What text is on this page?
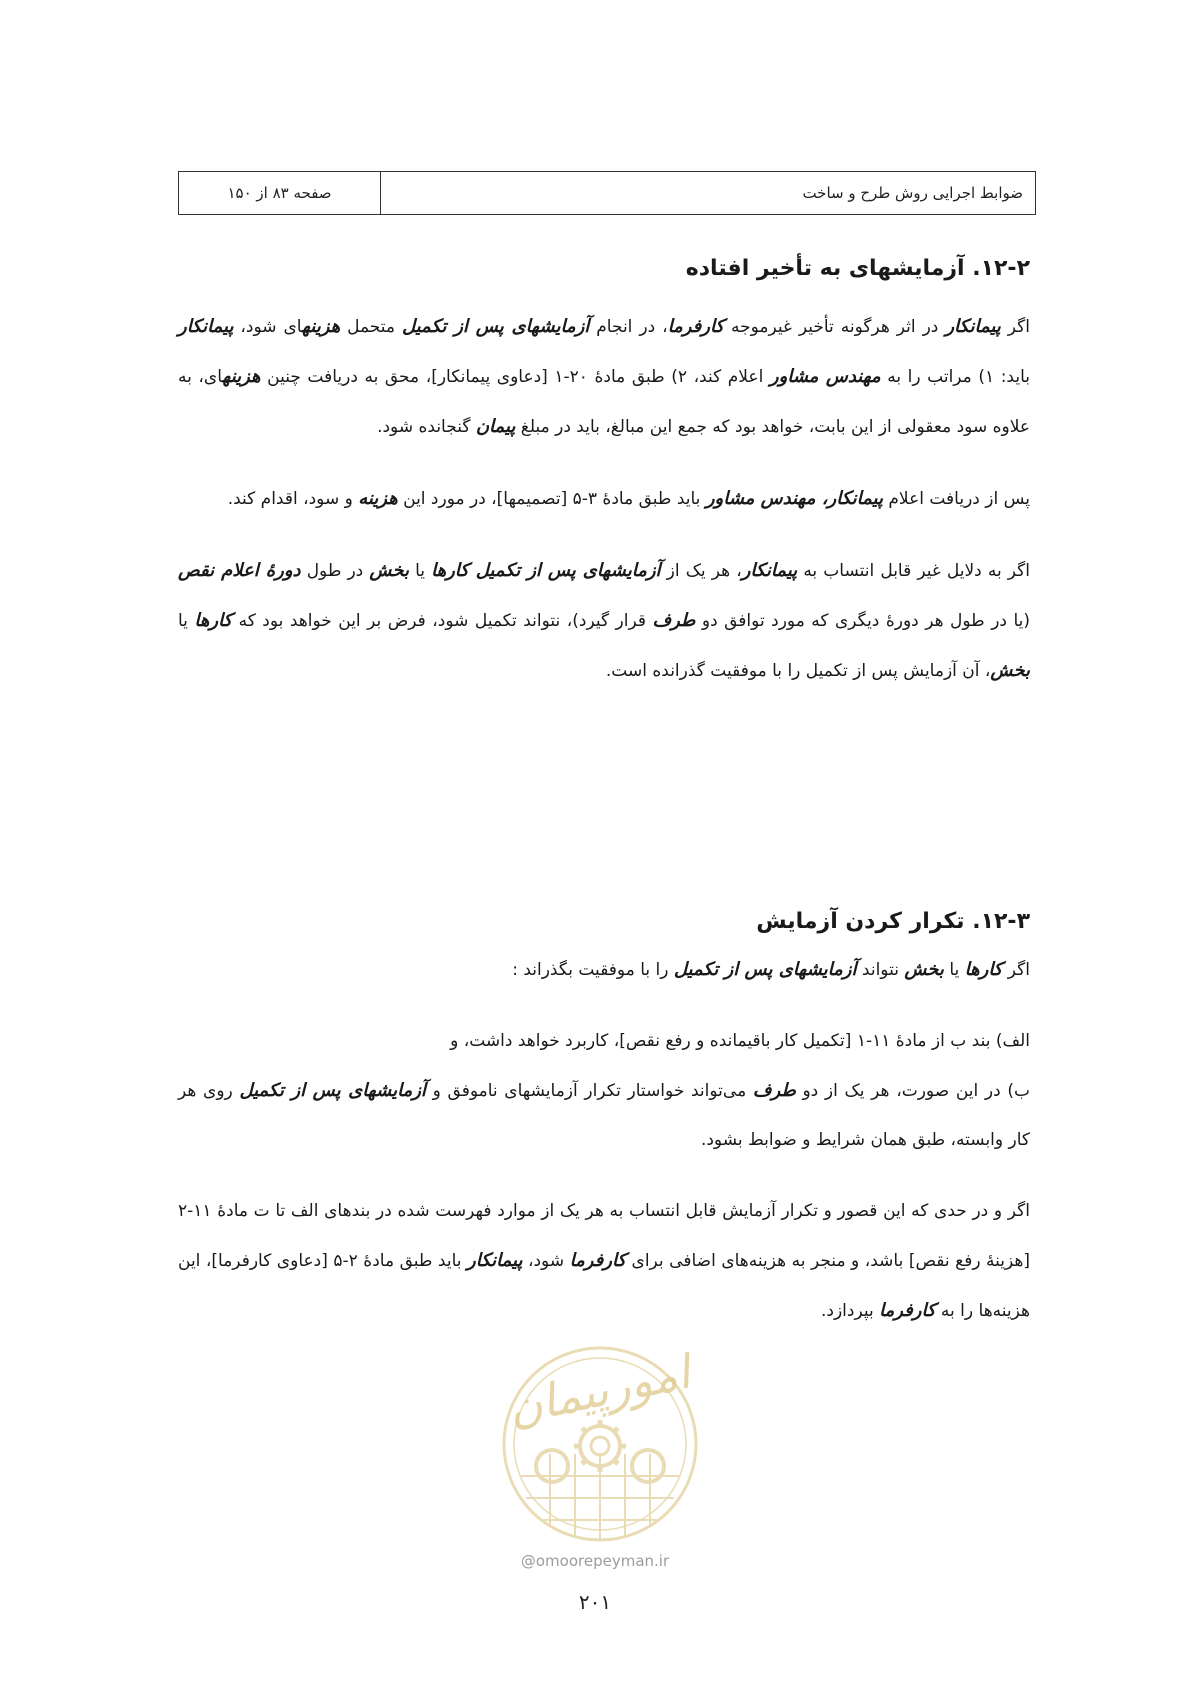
ضوابط اجرایی روش طرح و ساخت
صفحه ۸۳ از ۱۵۰
۱۲-۲. آزمایشهای به تأخیر افتاده

اگر پیمانکار در اثر هرگونه تأخیر غیرموجه کارفرما، در انجام آزمایشهای پس از تکمیل متحمل هزینهای شود، پیمانکار باید: ۱) مراتب را به مهندس مشاور اعلام کند، ۲) طبق مادهٔ ۲۰-۱ [دعاوی پیمانکار]، محق به دریافت چنین هزینهای، به علاوه سود معقولی از این بابت، خواهد بود که جمع این مبالغ، باید در مبلغ پیمان گنجانده شود.

پس از دریافت اعلام پیمانکار، مهندس مشاور باید طبق مادهٔ ۳-۵ [تصمیمها]، در مورد این هزینه و سود، اقدام کند.

اگر به دلایل غیر قابل انتساب به پیمانکار، هر یک از آزمایشهای پس از تکمیل کارها یا بخش در طول دورهٔ اعلام نقص (یا در طول هر دورهٔ دیگری که مورد توافق دو طرف قرار گیرد)، نتواند تکمیل شود، فرض بر این خواهد بود که کارها یا بخش، آن آزمایش پس از تکمیل را با موفقیت گذرانده است.

۱۲-۳. تکرار کردن آزمایش

اگر کارها یا بخش نتواند آزمایشهای پس از تکمیل را با موفقیت بگذراند :

الف) بند ب از مادهٔ ۱۱-۱ [تکمیل کار باقیمانده و رفع نقص]، کاربرد خواهد داشت، و

ب) در این صورت، هر یک از دو طرف می‌تواند خواستار تکرار آزمایشهای ناموفق و آزمایشهای پس از تکمیل روی هر کار وابسته، طبق همان شرایط و ضوابط بشود.

اگر و در حدی که این قصور و تکرار آزمایش قابل انتساب به هر یک از موارد فهرست شده در بندهای الف تا ت مادهٔ ۱۱-۲ [هزینهٔ رفع نقص] باشد، و منجر به هزینه‌های اضافی برای کارفرما شود، پیمانکار باید طبق مادهٔ ۲-۵ [دعاوی کارفرما]، این هزینه‌ها را به کارفرما بپردازد.

امورپیمان
@omoorepeyman.ir
۲۰۱
